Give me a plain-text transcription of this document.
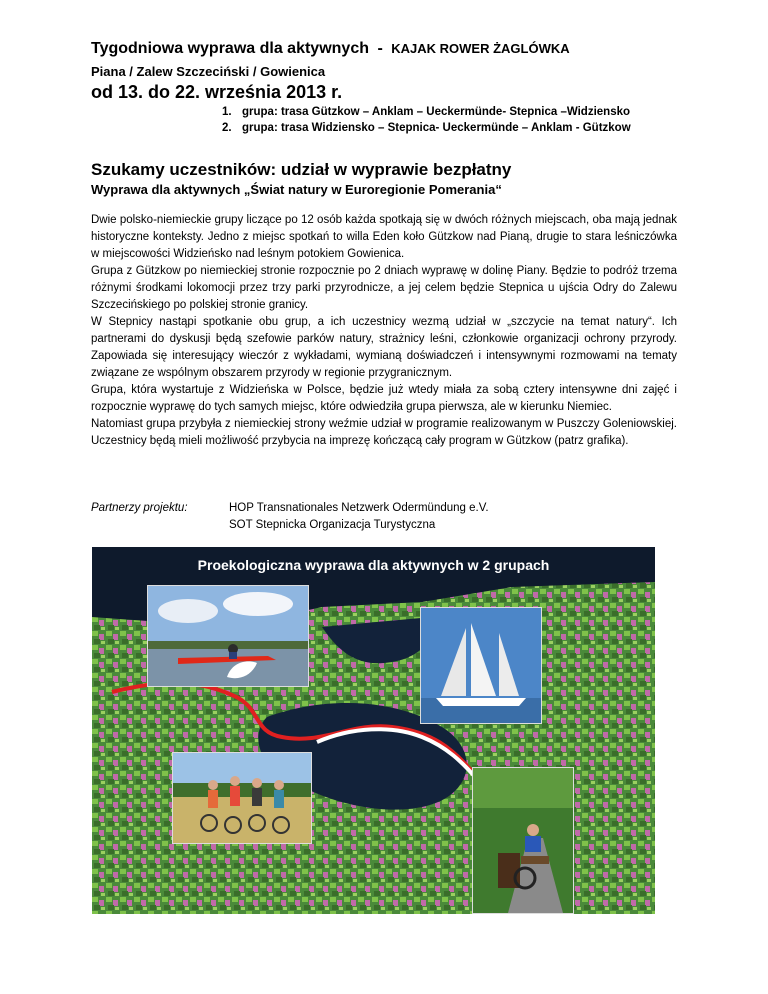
Tygodniowa wyprawa dla aktywnych - KAJAK ROWER ŻAGLÓWKA
Piana / Zalew Szczeciński / Gowienica
od 13. do 22. września 2013 r.
1. grupa: trasa Gützkow – Anklam – Ueckermünde- Stepnica –Widziensko
2. grupa: trasa Widziensko – Stepnica- Ueckermünde – Anklam - Gützkow
Szukamy uczestników: udział w wyprawie bezpłatny
Wyprawa dla aktywnych „Świat natury w Euroregionie Pomerania“

Dwie polsko-niemieckie grupy liczące po 12 osób każda spotkają się w dwóch różnych miejscach, oba mają jednak historyczne konteksty. Jedno z miejsc spotkań to willa Eden koło Gützkow nad Pianą, drugie to stara leśniczówka w miejscowości Widzieńsko nad leśnym potokiem Gowienica.

Grupa z Gützkow po niemieckiej stronie rozpocznie po 2 dniach wyprawę w dolinę Piany. Będzie to podróż trzema różnymi środkami lokomocji przez trzy parki przyrodnicze, a jej celem będzie Stepnica u ujścia Odry do Zalewu Szczecińskiego po polskiej stronie granicy.

W Stepnicy nastąpi spotkanie obu grup, a ich uczestnicy wezmą udział w „szczycie na temat natury“. Ich partnerami do dyskusji będą szefowie parków natury, strażnicy leśni, członkowie organizacji ochrony przyrody. Zapowiada się interesujący wieczór z wykładami, wymianą doświadczeń i intensywnymi rozmowami na tematy związane ze wspólnym obszarem przyrody w regionie przygranicznym.

Grupa, która wystartuje z Widzieńska w Polsce, będzie już wtedy miała za sobą cztery intensywne dni zajęć i rozpocznie wyprawę do tych samych miejsc, które odwiedziła grupa pierwsza, ale w kierunku Niemiec.

Natomiast grupa przybyła z niemieckiej strony weźmie udział w programie realizowanym w Puszczy Goleniowskiej. Uczestnicy będą mieli możliwość przybycia na imprezę kończącą cały program w Gützkow (patrz grafika).

Partnerzy projektu:	HOP Transnationales Netzwerk Odermündung e.V.
SOT Stepnicka Organizacja Turystyczna
Proekologiczna wyprawa dla aktywnych w 2 grupach
